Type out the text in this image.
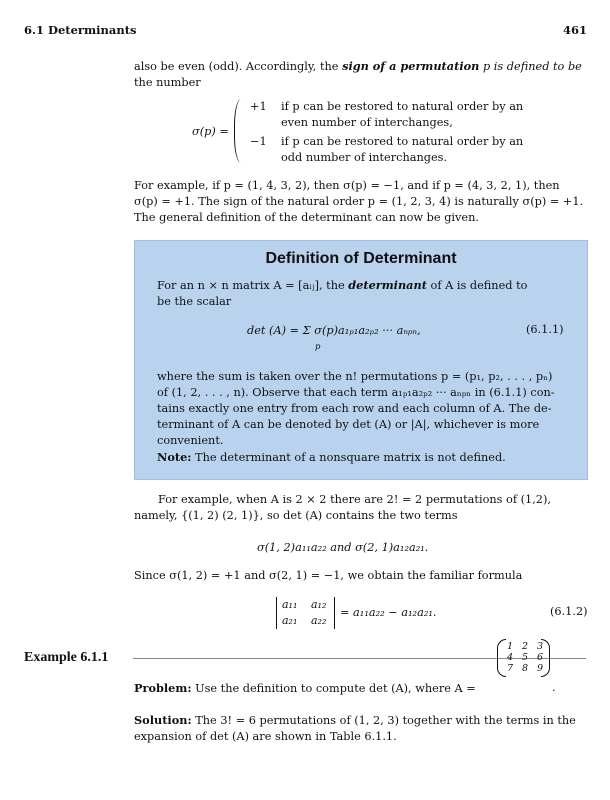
6.1 Determinants	461
also be even (odd). Accordingly, the sign of a permutation p is defined to be
the number
σ(p) =
+1 if p can be restored to natural order by an
even number of interchanges,
−1 if p can be restored to natural order by an
odd number of interchanges.
For example, if p = (1, 4, 3, 2), then σ(p) = −1, and if p = (4, 3, 2, 1), then
σ(p) = +1. The sign of the natural order p = (1, 2, 3, 4) is naturally σ(p) = +1.
The general definition of the determinant can now be given.
Definition of Determinant
For an n × n matrix A = [aᵢⱼ], the determinant of A is defined to
be the scalar
det (A) = Σ σ(p)a₁ₚ₁a₂ₚ₂ ··· aₙₚₙ,
p
(6.1.1)
where the sum is taken over the n! permutations p = (p₁, p₂, . . . , pₙ)
of (1, 2, . . . , n). Observe that each term a₁ₚ₁a₂ₚ₂ ··· aₙₚₙ in (6.1.1) con-
tains exactly one entry from each row and each column of A. The de-
terminant of A can be denoted by det (A) or |A|, whichever is more
convenient.
Note: The determinant of a nonsquare matrix is not defined.
For example, when A is 2 × 2 there are 2! = 2 permutations of (1,2),
namely, {(1, 2) (2, 1)}, so det (A) contains the two terms
σ(1, 2)a₁₁a₂₂ and σ(2, 1)a₁₂a₂₁.
Since σ(1, 2) = +1 and σ(2, 1) = −1, we obtain the familiar formula
a₁₁ a₁₂
a₂₁ a₂₂
= a₁₁a₂₂ − a₁₂a₂₁.	(6.1.2)
Example 6.1.1
Problem: Use the definition to compute det (A), where A =
1 2 3
4 5 6
7 8 9
.
Solution: The 3! = 6 permutations of (1, 2, 3) together with the terms in the
expansion of det (A) are shown in Table 6.1.1.
